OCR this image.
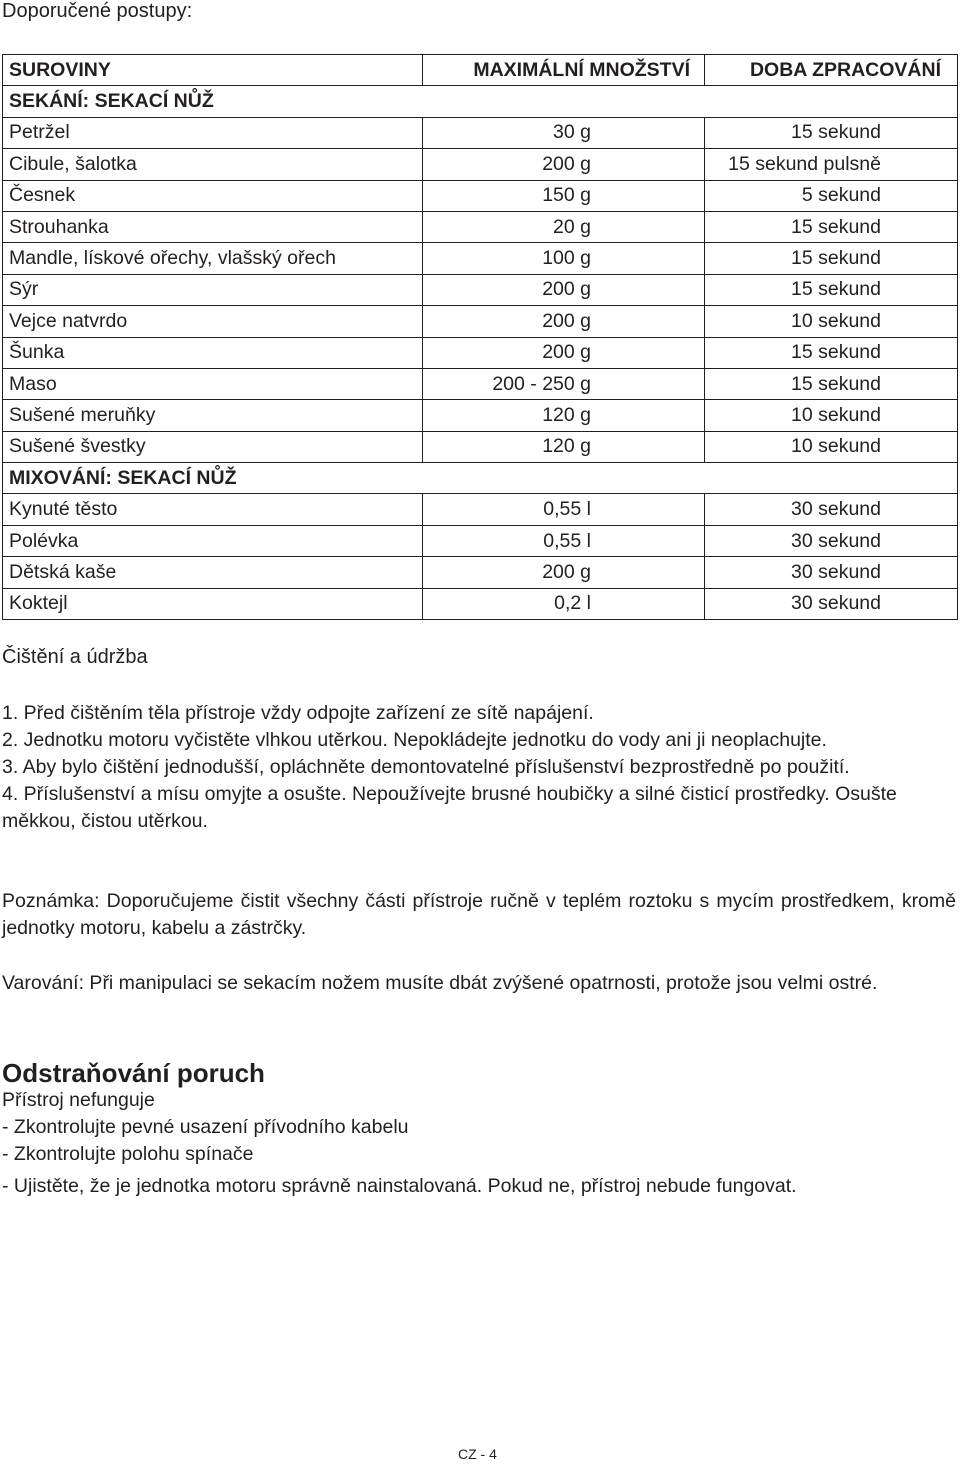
Doporučené postupy:
SUROVINY	MAXIMÁLNÍ MNOŽSTVÍ	DOBA ZPRACOVÁNÍ
SEKÁNÍ: SEKACÍ NŮŽ		
Petržel	30 g	15 sekund
Cibule, šalotka	200 g	15 sekund pulsně
Česnek	150 g	5 sekund
Strouhanka	20 g	15 sekund
Mandle, lískové ořechy, vlašský ořech	100 g	15 sekund
Sýr	200 g	15 sekund
Vejce natvrdo	200 g	10 sekund
Šunka	200 g	15 sekund
Maso	200 - 250 g	15 sekund
Sušené meruňky	120 g	10 sekund
Sušené švestky	120 g	10 sekund
MIXOVÁNÍ: SEKACÍ NŮŽ		
Kynuté těsto	0,55 l	30 sekund
Polévka	0,55 l	30 sekund
Dětská kaše	200 g	30 sekund
Koktejl	0,2 l	30 sekund
Čištění a údržba
1. Před čištěním těla přístroje vždy odpojte zařízení ze sítě napájení.
2. Jednotku motoru vyčistěte vlhkou utěrkou. Nepokládejte jednotku do vody ani ji neoplachujte.
3. Aby bylo čištění jednodušší, opláchněte demontovatelné příslušenství bezprostředně po použití.
4. Příslušenství a mísu omyjte a osušte. Nepoužívejte brusné houbičky a silné čisticí prostředky. Osušte měkkou, čistou utěrkou.
Poznámka: Doporučujeme čistit všechny části přístroje ručně v teplém roztoku s mycím prostředkem, kromě jednotky motoru, kabelu a zástrčky.
Varování: Při manipulaci se sekacím nožem musíte dbát zvýšené opatrnosti, protože jsou velmi ostré.
Odstraňování poruch
Přístroj nefunguje
- Zkontrolujte pevné usazení přívodního kabelu
- Zkontrolujte polohu spínače
- Ujistěte, že je jednotka motoru správně nainstalovaná. Pokud ne, přístroj nebude fungovat.
CZ - 4
